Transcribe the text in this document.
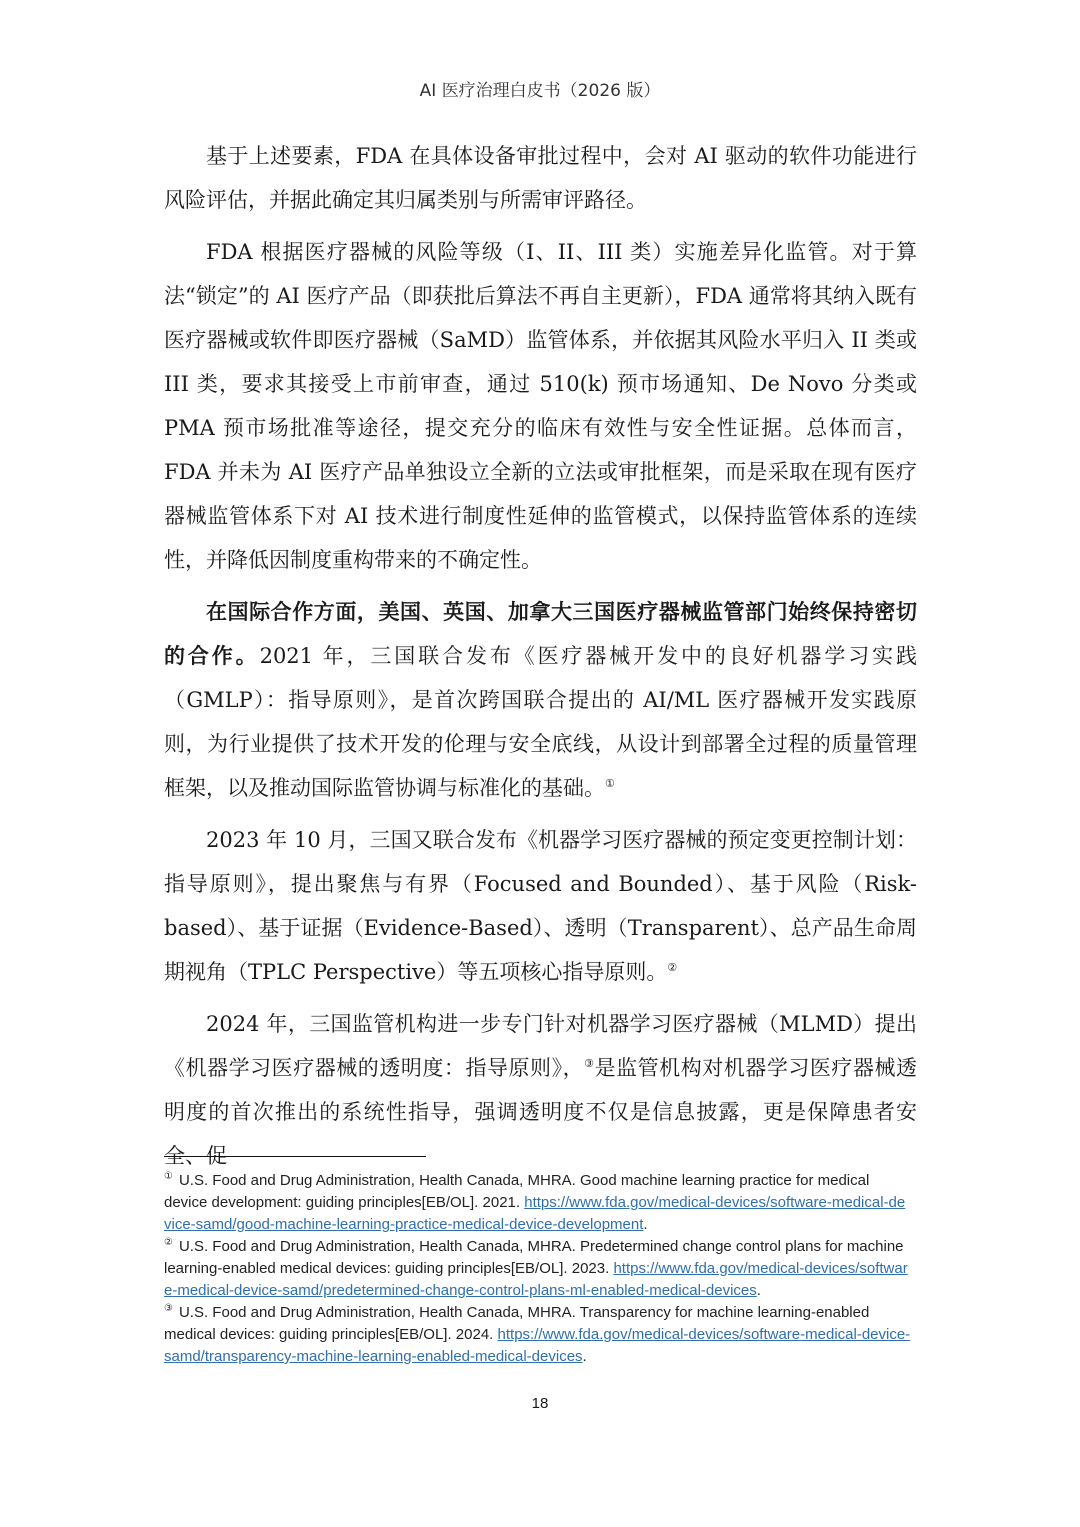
AI 医疗治理白皮书（2026 版）

基于上述要素，FDA 在具体设备审批过程中，会对 AI 驱动的软件功能进行风险评估，并据此确定其归属类别与所需审评路径。

FDA 根据医疗器械的风险等级（I、II、III 类）实施差异化监管。对于算法“锁定”的 AI 医疗产品（即获批后算法不再自主更新），FDA 通常将其纳入既有医疗器械或软件即医疗器械（SaMD）监管体系，并依据其风险水平归入 II 类或 III 类，要求其接受上市前审查，通过 510(k) 预市场通知、De Novo 分类或 PMA 预市场批准等途径，提交充分的临床有效性与安全性证据。总体而言，FDA 并未为 AI 医疗产品单独设立全新的立法或审批框架，而是采取在现有医疗器械监管体系下对 AI 技术进行制度性延伸的监管模式，以保持监管体系的连续性，并降低因制度重构带来的不确定性。

在国际合作方面，美国、英国、加拿大三国医疗器械监管部门始终保持密切的合作。2021 年，三国联合发布《医疗器械开发中的良好机器学习实践（GMLP）：指导原则》，是首次跨国联合提出的 AI/ML 医疗器械开发实践原则，为行业提供了技术开发的伦理与安全底线，从设计到部署全过程的质量管理框架，以及推动国际监管协调与标准化的基础。①

2023 年 10 月，三国又联合发布《机器学习医疗器械的预定变更控制计划：指导原则》，提出聚焦与有界（Focused and Bounded）、基于风险（Risk-based）、基于证据（Evidence-Based）、透明（Transparent）、总产品生命周期视角（TPLC Perspective）等五项核心指导原则。②

2024 年，三国监管机构进一步专门针对机器学习医疗器械（MLMD）提出《机器学习医疗器械的透明度：指导原则》，③是监管机构对机器学习医疗器械透明度的首次推出的系统性指导，强调透明度不仅是信息披露，更是保障患者安全、促

① U.S. Food and Drug Administration, Health Canada, MHRA. Good machine learning practice for medical device development: guiding principles[EB/OL]. 2021. https://www.fda.gov/medical-devices/software-medical-device-samd/good-machine-learning-practice-medical-device-development.

② U.S. Food and Drug Administration, Health Canada, MHRA. Predetermined change control plans for machine learning-enabled medical devices: guiding principles[EB/OL]. 2023. https://www.fda.gov/medical-devices/software-medical-device-samd/predetermined-change-control-plans-ml-enabled-medical-devices.

③ U.S. Food and Drug Administration, Health Canada, MHRA. Transparency for machine learning-enabled medical devices: guiding principles[EB/OL]. 2024. https://www.fda.gov/medical-devices/software-medical-device-samd/transparency-machine-learning-enabled-medical-devices.

18
